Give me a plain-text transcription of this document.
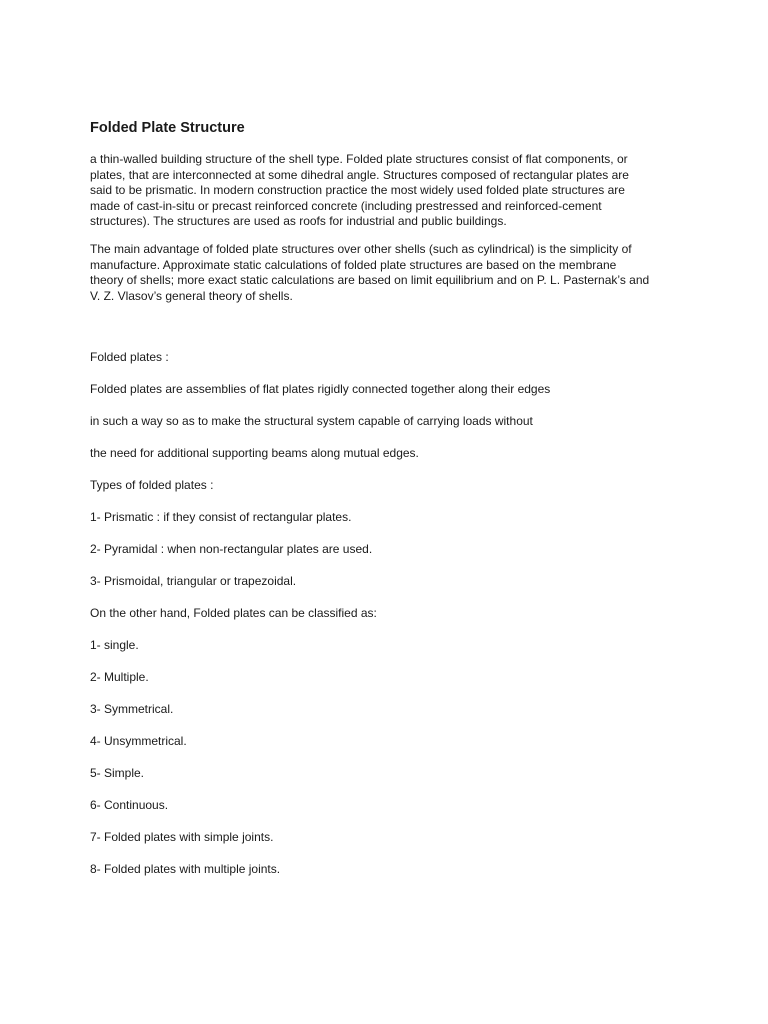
Folded Plate Structure

a thin-walled building structure of the shell type. Folded plate structures consist of flat components, or
plates, that are interconnected at some dihedral angle. Structures composed of rectangular plates are
said to be prismatic. In modern construction practice the most widely used folded plate structures are
made of cast-in-situ or precast reinforced concrete (including prestressed and reinforced-cement
structures). The structures are used as roofs for industrial and public buildings.

The main advantage of folded plate structures over other shells (such as cylindrical) is the simplicity of
manufacture. Approximate static calculations of folded plate structures are based on the membrane
theory of shells; more exact static calculations are based on limit equilibrium and on P. L. Pasternak’s and
V. Z. Vlasov’s general theory of shells.

Folded plates :

Folded plates are assemblies of flat plates rigidly connected together along their edges

in such a way so as to make the structural system capable of carrying loads without

the need for additional supporting beams along mutual edges.

Types of folded plates :

1- Prismatic : if they consist of rectangular plates.

2- Pyramidal : when non-rectangular plates are used.

3- Prismoidal, triangular or trapezoidal.

On the other hand, Folded plates can be classified as:

1- single.

2- Multiple.

3- Symmetrical.

4- Unsymmetrical.

5- Simple.

6- Continuous.

7- Folded plates with simple joints.

8- Folded plates with multiple joints.
